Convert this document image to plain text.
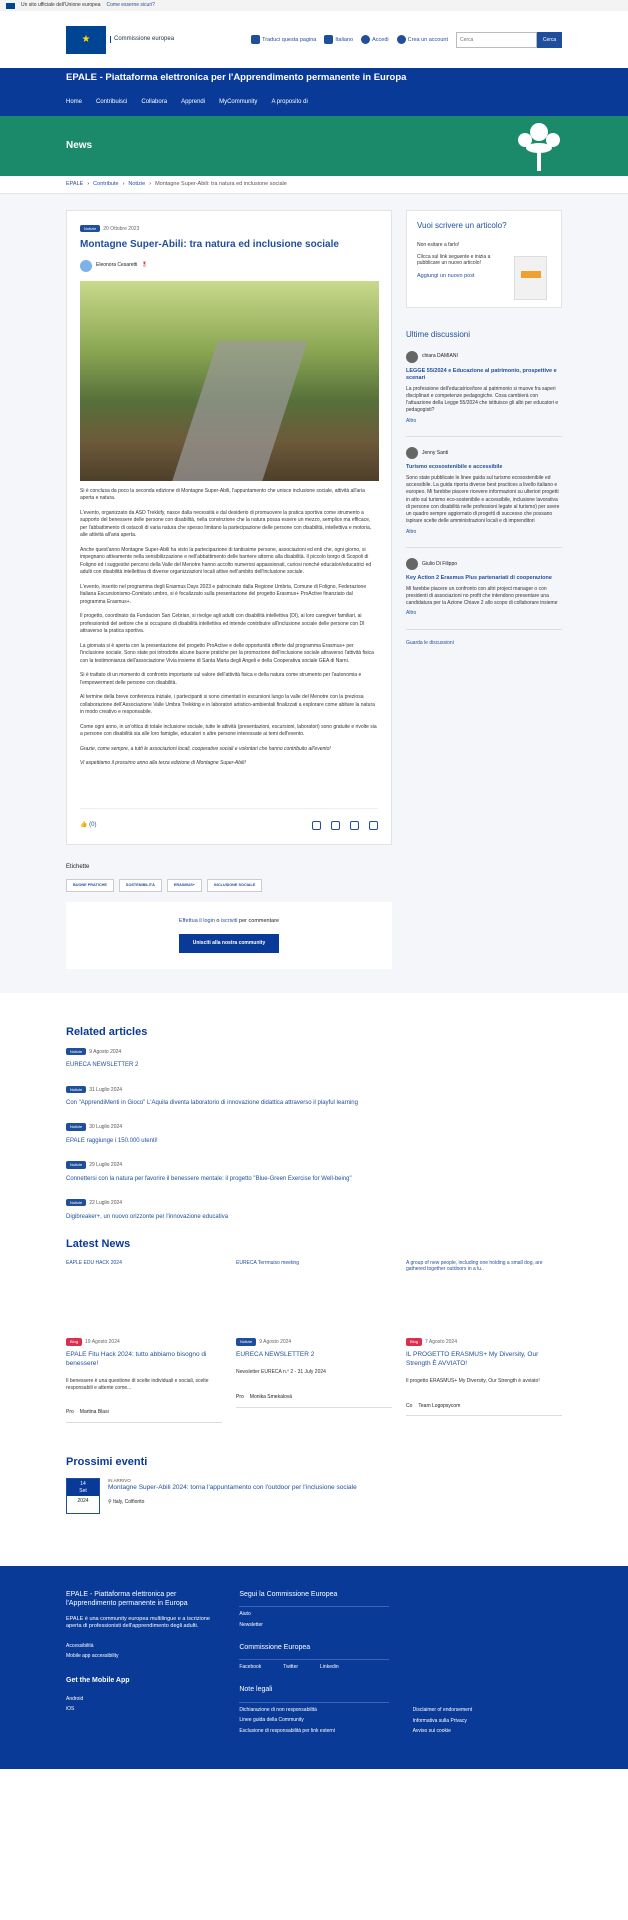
Un sito ufficiale dell'Unione europea Come esserne sicuri?
★	Commissione europea	Traduci questa pagina	Italiano	Accedi	Crea un account
Cerca	Cerca
EPALE - Piattaforma elettronica per l'Apprendimento permanente in Europa
Home Contribuisci Collabora Apprendi MyCommunity A proposito di
News
EPALE › Contribute › Notizie › Montagne Super-Abili: tra natura ed inclusione sociale
Notizie 20 Ottobre 2023
Montagne Super-Abili: tra natura ed inclusione sociale
Eleonora Cesaretti 🎖

Si è conclusa da poco la seconda edizione di Montagne Super-Abili, l'appuntamento che unisce inclusione sociale, attività all'aria aperta e natura.

L'evento, organizzato da ASD Trekkify, nasce dalla necessità e dal desiderio di promuovere la pratica sportiva come strumento a supporto del benessere delle persone con disabilità, nella convinzione che la natura possa essere un mezzo, semplice ma efficace, per l'abbattimento di ostacoli di varia natura che spesso limitano la partecipazione delle persone con disabilità, intellettiva e motoria, alle attività all'aria aperta.

Anche quest'anno Montagne Super-Abili ha visto la partecipazione di tantissime persone, associazioni ed enti che, ogni giorno, si impegnano attivamente nella sensibilizzazione e nell'abbattimento delle barriere attorno alla disabilità. Il piccolo borgo di Scopoli di Foligno ed i suggestivi percorsi della Valle del Menotre hanno accolto numerosi appassionati, curiosi nonché educatori/educatrici ed adulti con disabilità intellettiva di diverse organizzazioni locali attive nell'ambito dell'inclusione sociale.

L'evento, inserito nel programma degli Erasmus Days 2023 e patrocinato dalla Regione Umbria, Comune di Foligno, Federazione Italiana Escursionismo-Comitato umbro, si è focalizzato sulla presentazione del progetto Erasmus+ ProActive finanziato dal programma Erasmus+.

Il progetto, coordinato da Fundacion San Cebrian, si rivolge agli adulti con disabilità intellettiva (DI), ai loro caregiver familiari, ai professionisti del settore che si occupano di disabilità intellettiva ed intende contribuire all'inclusione sociale delle persone con DI attraverso la pratica sportiva.

La giornata si è aperta con la presentazione del progetto ProActive e delle opportunità offerte dal programma Erasmus+ per l'inclusione sociale. Sono state poi introdotte alcune buone pratiche per la promozione dell'inclusione sociale attraverso l'attività fisica con la testimonianza dell'associazione Vivia insieme di Santa Maria degli Angeli e della Cooperativa sociale GEA di Narni.

Si è trattato di un momento di confronto importante sul valore dell'attività fisica e della natura come strumento per l'autonomia e l'empowerment delle persone con disabilità.

Al termine della breve conferenza iniziale, i partecipanti si sono cimentati in escursioni lungo la valle del Menotre con la preziosa collaborazione dell'Associazione Valle Umbra Trekking e in laboratori artistico-ambientali finalizzati a esplorare come abitare la natura in modo creativo e responsabile.

Come ogni anno, in un'ottica di totale inclusione sociale, tutte le attività (presentazioni, escursioni, laboratori) sono gratuite e rivolte sia a persone con disabilità sia alle loro famiglie, educatori o altre persone interessate ai temi dell'evento.

Grazie, come sempre, a tutti le associazioni locali, cooperative sociali e volontari che hanno contribuito all'evento!

Vi aspettiamo il prossimo anno alla terza edizione di Montagne Super-Abili!

👍 (0)
Vuoi scrivere un articolo?

Non esitare a farlo!

Clicca sul link seguente e inizia a pubblicare un nuovo articolo!

Aggiungi un nuovo post
Ultime discussioni
chiara DAMIANI
LEGGE 55/2024 e Educazione al patrimonio, prospettive e scenari
La professione dell'educatrice/tore al patrimonio si muove fra saperi disciplinari e competenze pedagogiche. Cosa cambierà con l'attuazione della Legge 55/2024 che istituisce gli albi per educatori e pedagogisti?
Altro
Jenny Santi
Turismo ecosostenibile e accessibile
Sono state pubblicate le linee guida sul turismo ecosostenibile ed accessibile. La guida riporta diverse best practices a livello italiano e europeo. Mi farebbe piacere ricevere informazioni su ulteriori progetti in atto sul turismo eco-sostenibile e accessibile, inclusione lavorativa di persone con disabilità nelle professioni legate al turismo) per avere un quadro sempre aggiornato di progetti di successo che possano ispirare scelte delle amministrazioni locali e di imprenditori
Altro
Giulio Di Filippo
Key Action 2 Erasmus Plus partenariati di cooperazione
Mi farebbe piacere un confronto con altri project manager o con presidenti di associazioni no profit che intendono presentare una candidatura per la Azione Chiave 2 allo scopo di collaborare insieme
Altro
Guarda le discussioni
Etichette
BUONE PRATICHE	SOSTENIBILITÀ	ERASMUS+	INCLUSIONE SOCIALE
Effettua il login o iscriviti per commentare
Unisciti alla nostra community
Related articles
Notizie 9 Agosto 2024
EURECA NEWSLETTER 2
Notizie 31 Luglio 2024
Con "ApprendiMenti in Gioco" L'Aquila diventa laboratorio di innovazione didattica attraverso il playful learning
Notizie 30 Luglio 2024
EPALE raggiunge i 150.000 utenti!
Notizie 29 Luglio 2024
Connettersi con la natura per favorire il benessere mentale: il progetto "Blue-Green Exercise for Well-being"
Notizie 22 Luglio 2024
Digibreaker+, un nuovo orizzonte per l'innovazione educativa
Latest News
EAPLE EDU HACK 2024	EURECA Terrmuiso meeting	A group of new people, including one holding a small dog, are gathered together outdoors in a lu..
Blog 19 Agosto 2024
EPALE Fitu Hack 2024: tutto abbiamo bisogno di benessere!

Il benessere è una questione di scelte individuali e sociali, scelte responsabili e attente come...

Pro Martina Blasi
Notizie 9 Agosto 2024
EURECA NEWSLETTER 2

Newsletter EURECA n.º 2 - 31 July 2024

Pro Monika Smekalová
Blog 7 Agosto 2024
IL PROGETTO ERASMUS+ My Diversity, Our Strength È AVVIATO!

Il progetto ERASMUS+ My Diversity, Our Strength è avviato!

Co Team Logopsycom
Prossimi eventi
14
Set
2024
IN ARRIVO
Montagne Super-Abili 2024: torna l'appuntamento con l'outdoor per l'inclusione sociale
⚲ Italy, Colfiorito
EPALE - Piattaforma elettronica per l'Apprendimento permanente in Europa

EPALE è una community europea multilingue e a iscrizione aperta di professionisti dell'apprendimento degli adulti.

Accessibilità
Mobile app accessibility
Get the Mobile App
Android
iOS
Segui la Commissione Europea
Aiuto
Newsletter
Commissione Europea
Facebook	Twitter	Linkedin
Note legali
Dichiarazione di non responsabilità
Linee guida della Community
Esclusione di responsabilità per link esterni
Disclaimer of endorsement
Informativa sulla Privacy
Avviso sui cookie
